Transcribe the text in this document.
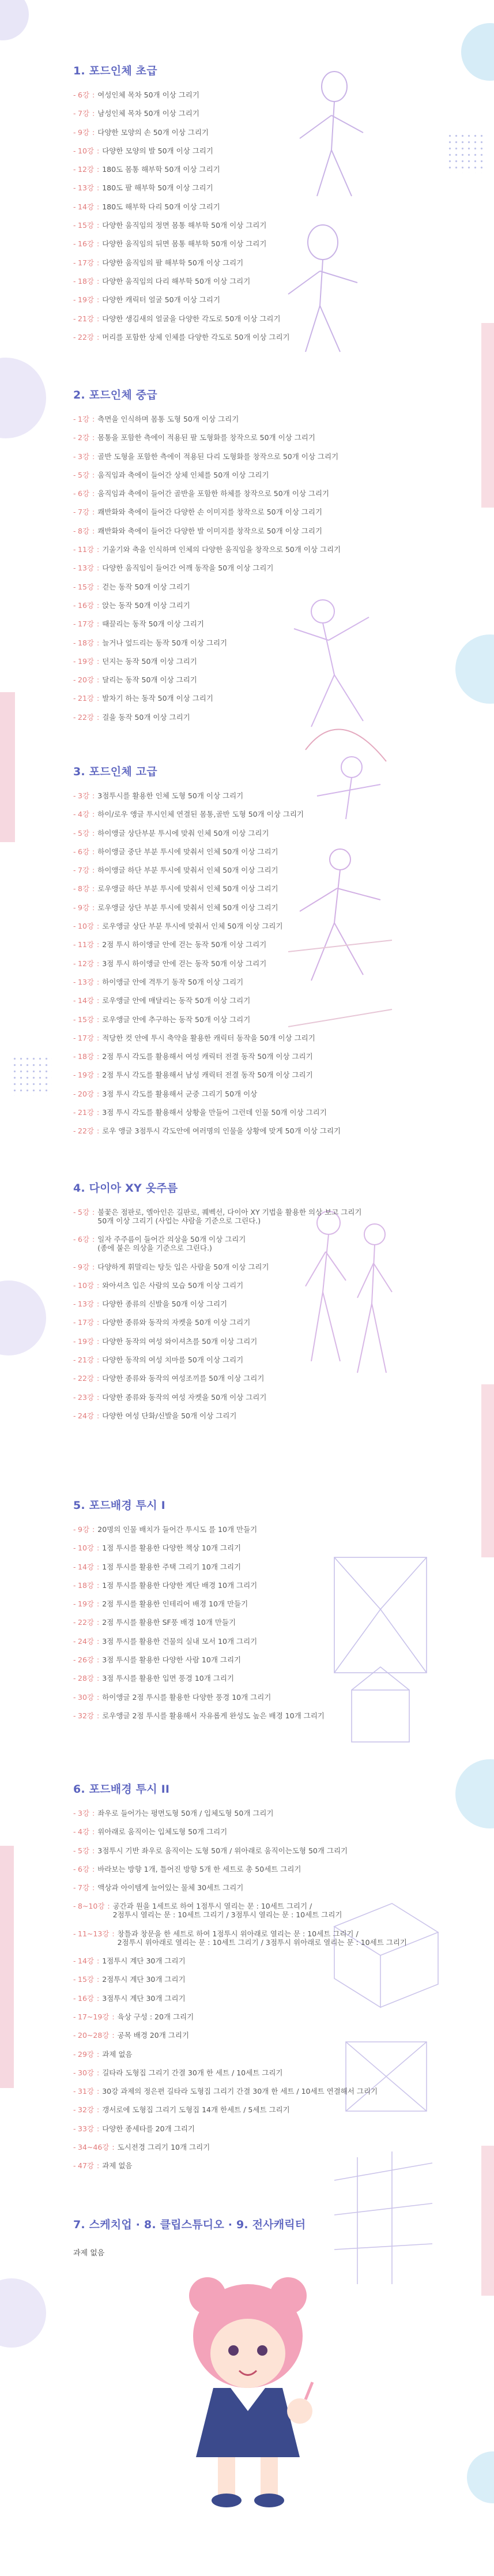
1. 포드인체 초급
- 6강 : 여성인체 목차 50개 이상 그리기
- 7강 : 남성인체 목차 50개 이상 그리기
- 9강 : 다양한 모양의 손 50개 이상 그리기
- 10강 : 다양한 모양의 발 50개 이상 그리기
- 12강 : 180도 몸통 해부학 50개 이상 그리기
- 13강 : 180도 팔 해부학 50개 이상 그리기
- 14강 : 180도 해부학 다리 50개 이상 그리기
- 15강 : 다양한 움직임의 정면 몸통 해부학 50개 이상 그리기
- 16강 : 다양한 움직임의 뒤면 몸통 해부학 50개 이상 그리기
- 17강 : 다양한 움직임의 팔 해부학 50개 이상 그리기
- 18강 : 다양한 움직임의 다리 해부학 50개 이상 그리기
- 19강 : 다양한 캐릭터 얼굴 50개 이상 그리기
- 21강 : 다양한 생김새의 얼굴을 다양한 각도로 50개 이상 그리기
- 22강 : 머리를 포함한 상체 인체를 다양한 각도로 50개 이상 그리기
2. 포드인체 중급
- 1강 : 측면을 인식하며 몸통 도형 50개 이상 그리기
- 2강 : 몸통을 포함한 측에이 적용된 팔 도형화를 창작으로 50개 이상 그리기
- 3강 : 골반 도형을 포함한 측에이 적용된 다리 도형화를 창작으로 50개 이상 그리기
- 5강 : 움직임과 축에이 들어간 상체 인체를 50개 이상 그리기
- 6강 : 움직임과 축에이 들어간 골반을 포함한 하체를 창작으로 50개 이상 그리기
- 7강 : 쾌반화와 축에이 들어간 다양한 손 이미지를 창작으로 50개 이상 그리기
- 8강 : 쾌반화와 축에이 들어간 다양한 발 이미지를 창작으로 50개 이상 그리기
- 11강 : 기울기와 축을 인식하며 인체의 다양한 움직임을 창작으로 50개 이상 그리기
- 13강 : 다양한 움직임이 들어간 어깨 동작을 50개 이상 그리기
- 15강 : 걷는 동작 50개 이상 그리기
- 16강 : 앉는 동작 50개 이상 그리기
- 17강 : 때끌리는 동작 50개 이상 그리기
- 18강 : 늘거나 엎드리는 동작 50개 이상 그리기
- 19강 : 던지는 동작 50개 이상 그리기
- 20강 : 달리는 동작 50개 이상 그리기
- 21강 : 발차기 하는 동작 50개 이상 그리기
- 22강 : 걸을 동작 50개 이상 그리기
3. 포드인체 고급
- 3강 : 3점투시를 활용한 인체 도형 50개 이상 그리기
- 4강 : 하이/로우 앵글 투시인체 연결된 몸통,골반 도형 50개 이상 그리기
- 5강 : 하이앵글 상단부분 투시에 맞춰 인체 50개 이상 그리기
- 6강 : 하이앵글 중단 부분 투시에 맞춰서 인체 50개 이상 그리기
- 7강 : 하이앵글 하단 부분 투시에 맞춰서 인체 50개 이상 그리기
- 8강 : 로우앵글 하단 부분 투시에 맞춰서 인체 50개 이상 그리기
- 9강 : 로우앵글 상단 부분 투시에 맞춰서 인체 50개 이상 그리기
- 10강 : 로우앵글 상단 부분 투시에 맞춰서 인체 50개 이상 그리기
- 11강 : 2점 투시 하이앵글 안에 걷는 동작 50개 이상 그리기
- 12강 : 3점 투시 하이앵글 안에 걷는 동작 50개 이상 그리기
- 13강 : 하이앵글 안에 격투기 동작 50개 이상 그리기
- 14강 : 로우앵글 안에 매달리는 동작 50개 이상 그리기
- 15강 : 로우앵글 안에 추구하는 동작 50개 이상 그리기
- 17강 : 적당한 컷 안에 투시 축약을 활용한 캐릭터 동작을 50개 이상 그리기
- 18강 : 2점 투시 각도를 활용해서 여성 캐릭터 전결 동작 50개 이상 그리기
- 19강 : 2점 투시 각도를 활용해서 남성 캐릭터 전결 동작 50개 이상 그리기
- 20강 : 3점 투시 각도를 활용해서 군중 그리기 50개 이상
- 21강 : 3점 투시 각도를 활용해서 상황을 만들어 그런데 인물 50개 이상 그리기
- 22강 : 로우 앵글 3점투시 각도안에 여러명의 인물을 상황에 맞게 50개 이상 그리기
4. 다이아 XY 옷주름
- 5강 : 불꽃은 점판로, 엘아인은 길판로, 퀘벡선, 다이아 XY 기법을 활용한 의상 보고 그리기
50개 이상 그리기 (사업는 샤람을 기준으로 그린다.)
- 6강 : 일자 주주름이 들어간 의상을 50개 이상 그리기
(종에 붙은 의상을 기준으로 그린다.)
- 9강 : 다양하게 휘말리는 탕듯 입은 사람을 50개 이상 그리기
- 10강 : 와아셔츠 입은 사람의 모습 50개 이상 그리기
- 13강 : 다양한 종류의 신발을 50개 이상 그리기
- 17강 : 다양한 종류와 동작의 자켓을 50개 이상 그리기
- 19강 : 다양한 동작의 여성 와이셔츠를 50개 이상 그리기
- 21강 : 다양한 동작의 여성 치마를 50개 이상 그리기
- 22강 : 다양한 종류와 동작의 여성조끼를 50개 이상 그리기
- 23강 : 다양한 종류와 동작의 여성 자켓을 50개 이상 그리기
- 24강 : 다양한 여성 단화/신발을 50개 이상 그리기
5. 포드배경 투시 I
- 9강 : 20명의 인물 배치가 들어간 투시도 를 10개 만들기
- 10강 : 1점 투시를 활용한 다양한 책상 10개 그리기
- 14강 : 1점 투시를 활용한 주택 그리기 10개 그리기
- 18강 : 1점 투시를 활용한 다양한 계단 배경 10개 그리기
- 19강 : 2점 투시를 활용한 인테리어 배경 10개 만들기
- 22강 : 2점 투시를 활용한 SF풍 배경 10개 만들기
- 24강 : 3점 투시를 활용한 건물의 실내 모서 10개 그리기
- 26강 : 3점 투시를 활용한 다양한 사람 10개 그리기
- 28강 : 3점 투시를 활용한 입면 풍경 10개 그리기
- 30강 : 하이앵글 2점 투시를 활용한 다양한 풍경 10개 그리기
- 32강 : 로우앵글 2점 투시를 활용해서 자유롭게 완성도 높은 배경 10개 그리기
6. 포드배경 투시 II
- 3강 : 좌우로 들어가는 평면도형 50개 / 입체도형 50개 그리기
- 4강 : 위아래로 움직이는 입체도형 50개 그리기
- 5강 : 3점투시 기반 좌우로 움직이는 도형 50개 / 위아래로 움직이는도형 50개 그리기
- 6강 : 바라보는 방향 1개, 틀어진 방향 5개 한 세트로 총 50세트 그리기
- 7강 : 액상과 아이템게 늘어있는 물체 30세트 그리기
- 8~10강 : 공간과 원을 1세트로 하여 1점투시 열리는 문 : 10세트 그리기 /
2점투시 열리는 문 : 10세트 그리기 / 3점투시 열리는 문 : 10세트 그리기
- 11~13강 : 창틀과 창문을 한 세트로 하여 1점투시 위아래로 열리는 문 : 10세트 그리기 /
2점투시 위아래로 열리는 문 : 10세트 그리기 / 3점투시 위아래로 열리는 문 : 10세트 그리기
- 14강 : 1점투시 계단 30개 그리기
- 15강 : 2점투시 계단 30개 그리기
- 16강 : 3점투시 계단 30개 그리기
- 17~19강 : 육상 구성 : 20개 그리기
- 20~28강 : 공목 배경 20개 그리기
- 29강 : 과제 없음
- 30강 : 길타라 도형집 그리기 간결 30개 한 세트 / 10세트 그리기
- 31강 : 30강 과제의 정은편 길타라 도형집 그리기 간결 30개 한 세트 / 10세트 연결해서 그리기
- 32강 : 갱서로에 도형집 그리기 도형집 14개 한세트 / 5세트 그리기
- 33강 : 다양한 종세타를 20개 그리기
- 34~46강 : 도시전경 그리기 10개 그리기
- 47강 : 과제 없음
7. 스케치업 · 8. 클립스튜디오 · 9. 전사캐릭터
과제 없음
